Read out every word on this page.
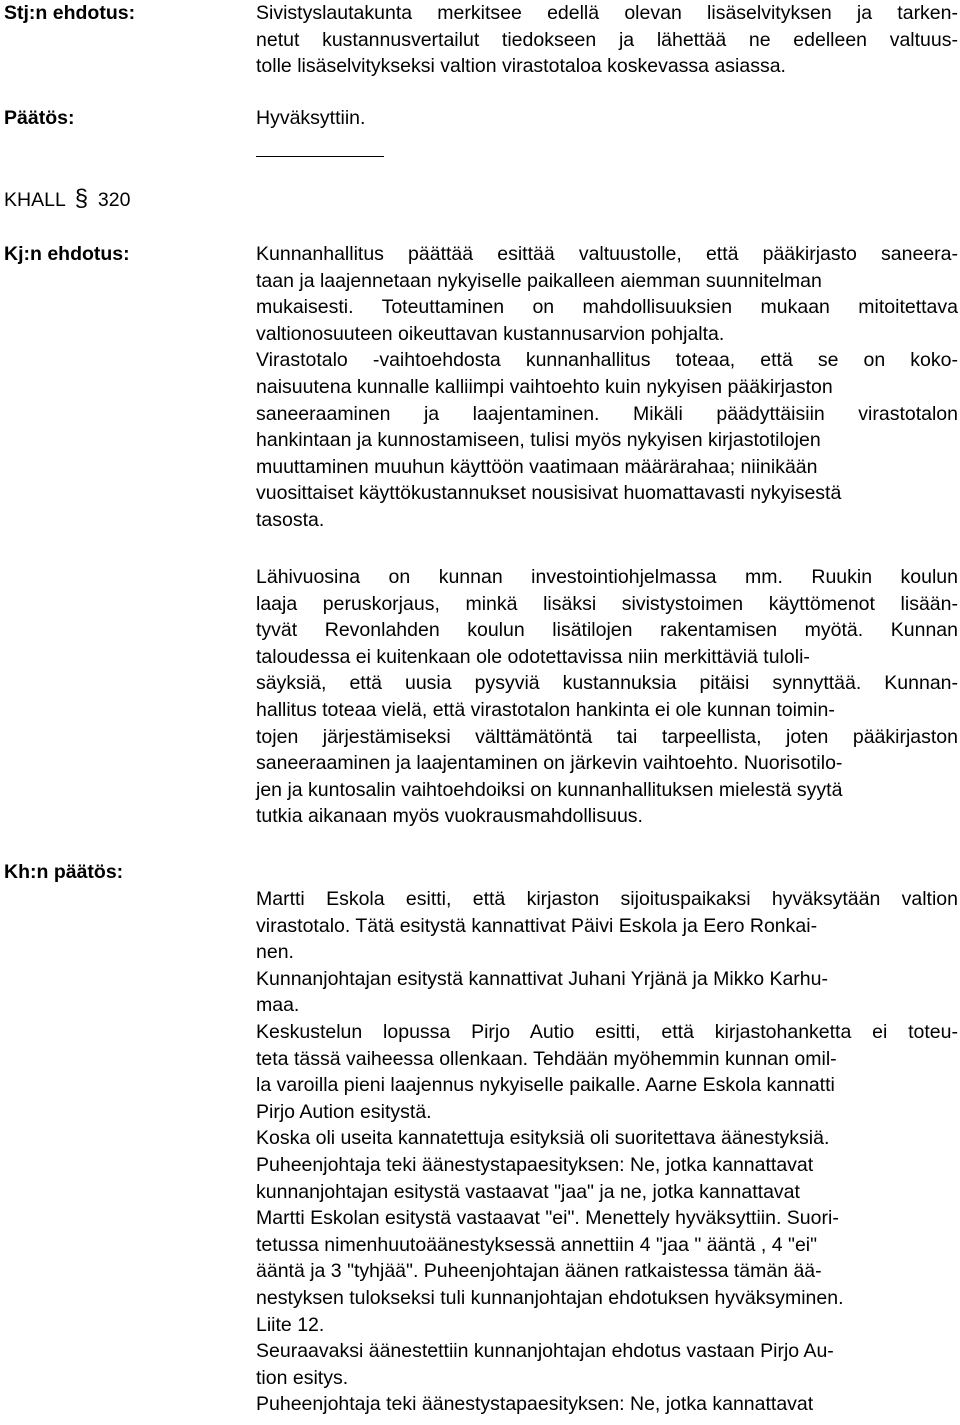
Stj:n ehdotus:
Päätös:
Kj:n ehdotus:
Kh:n päätös:
Sivistyslautakunta merkitsee edellä olevan lisäselvityksen ja tarken-
netut kustannusvertailut tiedokseen ja lähettää ne edelleen valtuus-
tolle lisäselvitykseksi valtion virastotaloa koskevassa asiassa.
Hyväksyttiin.
KHALL § 320
Kunnanhallitus päättää esittää valtuustolle, että pääkirjasto saneera-
taan ja laajennetaan nykyiselle paikalleen aiemman suunnitelman
mukaisesti. Toteuttaminen on mahdollisuuksien mukaan mitoitettava
valtionosuuteen oikeuttavan kustannusarvion pohjalta.
Virastotalo -vaihtoehdosta kunnanhallitus toteaa, että se on koko-
naisuutena kunnalle kalliimpi vaihtoehto kuin nykyisen pääkirjaston
saneeraaminen ja laajentaminen. Mikäli päädyttäisiin virastotalon
hankintaan ja kunnostamiseen, tulisi myös nykyisen kirjastotilojen
muuttaminen muuhun käyttöön vaatimaan määrärahaa; niinikään
vuosittaiset käyttökustannukset nousisivat huomattavasti nykyisestä
tasosta.
Lähivuosina on kunnan investointiohjelmassa mm. Ruukin koulun
laaja peruskorjaus, minkä lisäksi sivistystoimen käyttömenot lisään-
tyvät Revonlahden koulun lisätilojen rakentamisen myötä. Kunnan
taloudessa ei kuitenkaan ole odotettavissa niin merkittäviä tuloli-
säyksiä, että uusia pysyviä kustannuksia pitäisi synnyttää. Kunnan-
hallitus toteaa vielä, että virastotalon hankinta ei ole kunnan toimin-
tojen järjestämiseksi välttämätöntä tai tarpeellista, joten pääkirjaston
saneeraaminen ja laajentaminen on järkevin vaihtoehto. Nuorisotilo-
jen ja kuntosalin vaihtoehdoiksi on kunnanhallituksen mielestä syytä
tutkia aikanaan myös vuokrausmahdollisuus.
Martti Eskola esitti, että kirjaston sijoituspaikaksi hyväksytään valtion
virastotalo. Tätä esitystä kannattivat Päivi Eskola ja Eero Ronkai-
nen.
Kunnanjohtajan esitystä kannattivat Juhani Yrjänä ja Mikko Karhu-
maa.
Keskustelun lopussa Pirjo Autio esitti, että kirjastohanketta ei toteu-
teta tässä vaiheessa ollenkaan. Tehdään myöhemmin kunnan omil-
la varoilla pieni laajennus nykyiselle paikalle. Aarne Eskola kannatti
Pirjo Aution esitystä.
Koska oli useita kannatettuja esityksiä oli suoritettava äänestyksiä.
Puheenjohtaja teki äänestystapaesityksen: Ne, jotka kannattavat
kunnanjohtajan esitystä vastaavat "jaa" ja ne, jotka kannattavat
Martti Eskolan esitystä vastaavat "ei". Menettely hyväksyttiin. Suori-
tetussa nimenhuutoäänestyksessä annettiin 4 "jaa " ääntä , 4 "ei"
ääntä ja 3 "tyhjää". Puheenjohtajan äänen ratkaistessa tämän ää-
nestyksen tulokseksi tuli kunnanjohtajan ehdotuksen hyväksyminen.
Liite 12.
Seuraavaksi äänestettiin kunnanjohtajan ehdotus vastaan Pirjo Au-
tion esitys.
Puheenjohtaja teki äänestystapaesityksen: Ne, jotka kannattavat
